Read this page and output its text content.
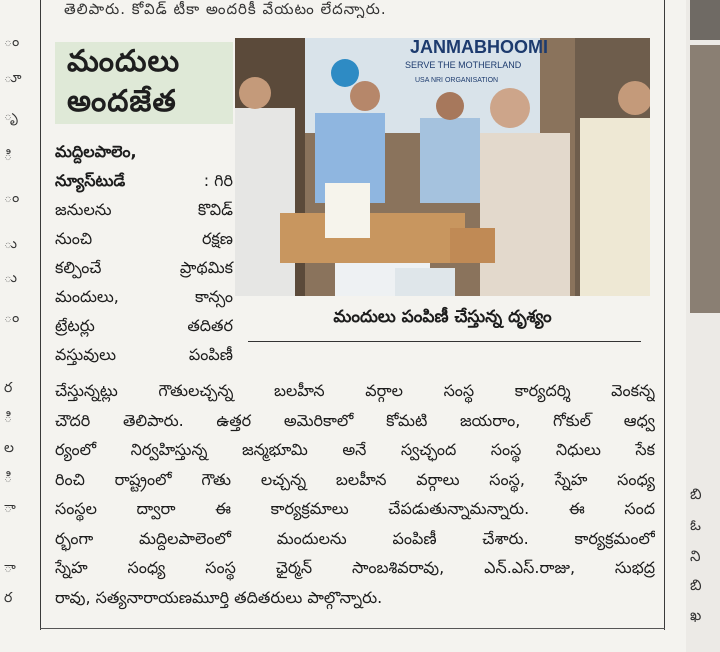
ం
ూ
ృ
ి
ం
ు
ు
ం
ర
ి
ల
ి
ా
ా
ర
తెలిపారు. కోవిడ్ టీకా అందరికీ వేయటం లేదన్నారు.
మందులు
అందజేత
JANMABHOOMI
SERVE THE MOTHERLAND
USA NRI ORGANISATION
మందులు పంపిణీ చేస్తున్న దృశ్యం
మద్దిలపాలెం,
న్యూస్‌టుడే	: గిరి
జనులను	కొవిడ్
నుంచి	రక్షణ
కల్పించే	ప్రాథమిక
మందులు,	కాన్సం
ట్రేటర్లు	తదితర
వస్తువులు	పంపిణీ
చేస్తున్నట్లు గౌతులచ్చన్న బలహీన వర్గాల సంస్థ కార్యదర్శి వెంకన్న
చౌదరి తెలిపారు. ఉత్తర అమెరికాలో కోమటి జయరాం, గోకుల్ ఆధ్వ
ర్యంలో నిర్వహిస్తున్న జన్మభూమి అనే స్వచ్ఛంద సంస్థ నిధులు సేక
రించి రాష్ట్రంలో గౌతు లచ్చన్న బలహీన వర్గాలు సంస్థ, స్నేహ సంధ్య
సంస్థల ద్వారా ఈ కార్యక్రమాలు చేపడుతున్నామన్నారు. ఈ సంద
ర్భంగా మద్దిలపాలెంలో మందులను పంపిణీ చేశారు. కార్యక్రమంలో
స్నేహ సంధ్య సంస్థ ఛైర్మన్ సాంబశివరావు, ఎన్.ఎస్.రాజు, సుభద్ర
రావు, సత్యనారాయణమూర్తి తదితరులు పాల్గొన్నారు.
బి
ఓ
ని
బి
ఖ
